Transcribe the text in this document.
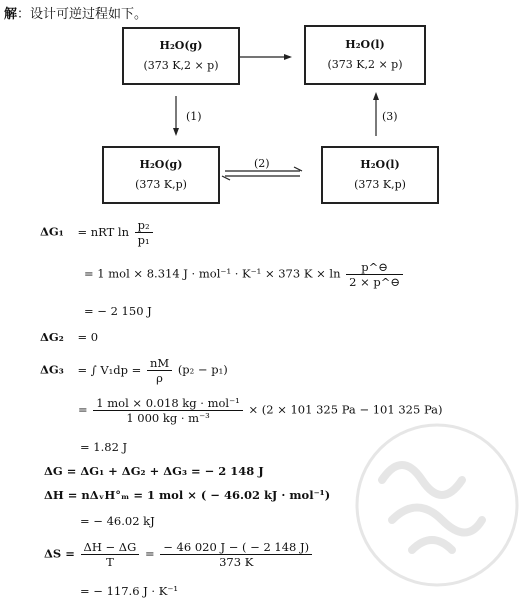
解：设计可逆过程如下。
H₂O(g)
(373 K,2 × p)
H₂O(l)
(373 K,2 × p)
H₂O(g)
(373 K,p)
H₂O(l)
(373 K,p)
(1)
(2)
(3)
ΔG₁ = nRT $\ln \frac{\text{p₂}}{\text{p₁}}$
= 1 mol × 8.314 J · mol⁻¹ · K⁻¹ × 373 $K \times \ln \frac{p\^{}⊖}{2 \times p\^{}⊖}$
= − 2 150 J
ΔG₂ = 0
ΔG₃ = ∫ $V_1dp = \frac{nM}{\rho} (p_2 - p_1)$
= $\frac{\text{1 mol × 0.018 kg · mol⁻¹}}{\text{1 000 kg · m⁻³}} \times (2 \times 101$ 325 Pa − 101 325 Pa)
= 1.82 J
ΔG = ΔG₁ + ΔG₂ + ΔG₃ = − 2 148 J
ΔH = nΔᵥH°ₘ = 1 mol × ( − 46.02 kJ · mol⁻¹)
= − 46.02 kJ
$\Delta S = \frac{\Delta H - \Delta G}{T} = \frac{- 46 020 J - ( - 2 148 J)}{373 K}$
= − 117.6 J · K⁻¹
